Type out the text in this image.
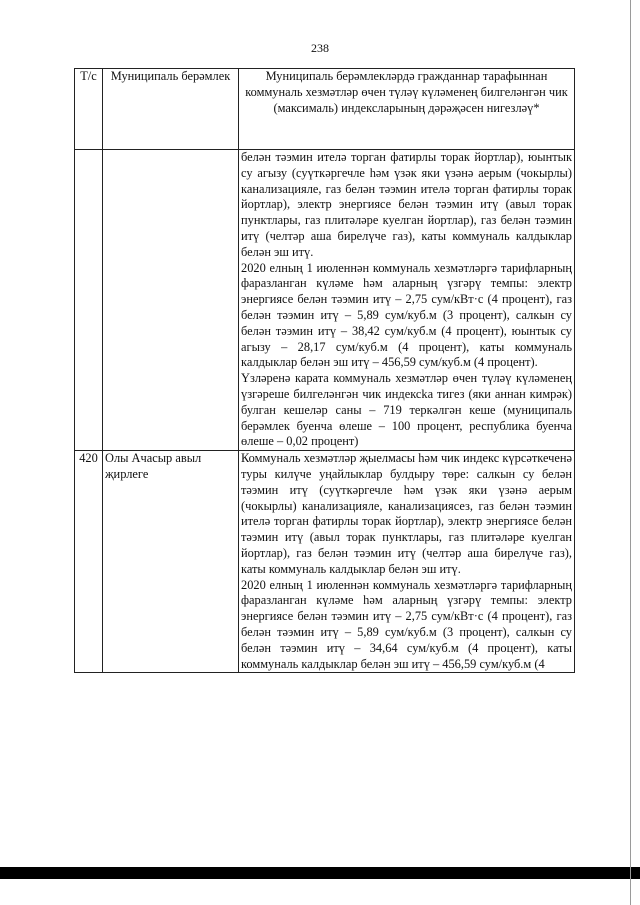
238
Т/с	Муниципаль берәмлек	Муниципаль берәмлекләрдә гражданнар тарафыннан коммуналь хезмәтләр өчен түләү күләменең билгеләнгән чик (максималь) индексларының дәрәҗәсен нигезләү*

		белән тәэмин ителә торган фатирлы торак йортлар), юынтык су агызу (суүткәргечле һәм үзәк яки үзәнә аерым (чокырлы) канализацияле, газ белән тәэмин ителә торган фатирлы торак йортлар), электр энергиясе белән тәэмин итү (авыл торак пунктлары, газ плитәләре куелган йортлар), газ белән тәэмин итү (челтәр аша бирелүче газ), каты коммуналь калдыклар белән эш итү.

2020 елның 1 июленнән коммуналь хезмәтләргә тарифларның фаразланган күләме һәм аларның үзгәрү темпы: электр энергиясе белән тәэмин итү – 2,75 сум/кВт·с (4 процент), газ белән тәэмин итү – 5,89 сум/куб.м (3 процент), салкын су белән тәэмин итү – 38,42 сум/куб.м (4 процент), юынтык су агызу – 28,17 сум/куб.м (4 процент), каты коммуналь калдыклар белән эш итү – 456,59 сум/куб.м (4 процент).

Үзләренә карата коммуналь хезмәтләр өчен түләү күләменең үзгәреше билгеләнгән чик индексka тигез (яки аннан кимрәк) булган кешеләр саны – 719 теркәлгән кеше (муниципаль берәмлек буенча өлеше – 100 процент, республика буенча өлеше – 0,02 процент)

420	Олы Ачасыр авыл җирлеге	Коммуналь хезмәтләр җыелмасы һәм чик индекс күрсәткеченә туры килүче уңайлыклар булдыру төре: салкын су белән тәэмин итү (суүткәргечле һәм үзәк яки үзәнә аерым (чокырлы) канализацияле, канализациясез, газ белән тәэмин ителә торган фатирлы торак йортлар), электр энергиясе белән тәэмин итү (авыл торак пунктлары, газ плитәләре куелган йортлар), газ белән тәэмин итү (челтәр аша бирелүче газ), каты коммуналь калдыклар белән эш итү.

2020 елның 1 июленнән коммуналь хезмәтләргә тарифларның фаразланган күләме һәм аларның үзгәрү темпы: электр энергиясе белән тәэмин итү – 2,75 сум/кВт·с (4 процент), газ белән тәэмин итү – 5,89 сум/куб.м (3 процент), салкын су белән тәэмин итү – 34,64 сум/куб.м (4 процент), каты коммуналь калдыклар белән эш итү – 456,59 сум/куб.м (4
